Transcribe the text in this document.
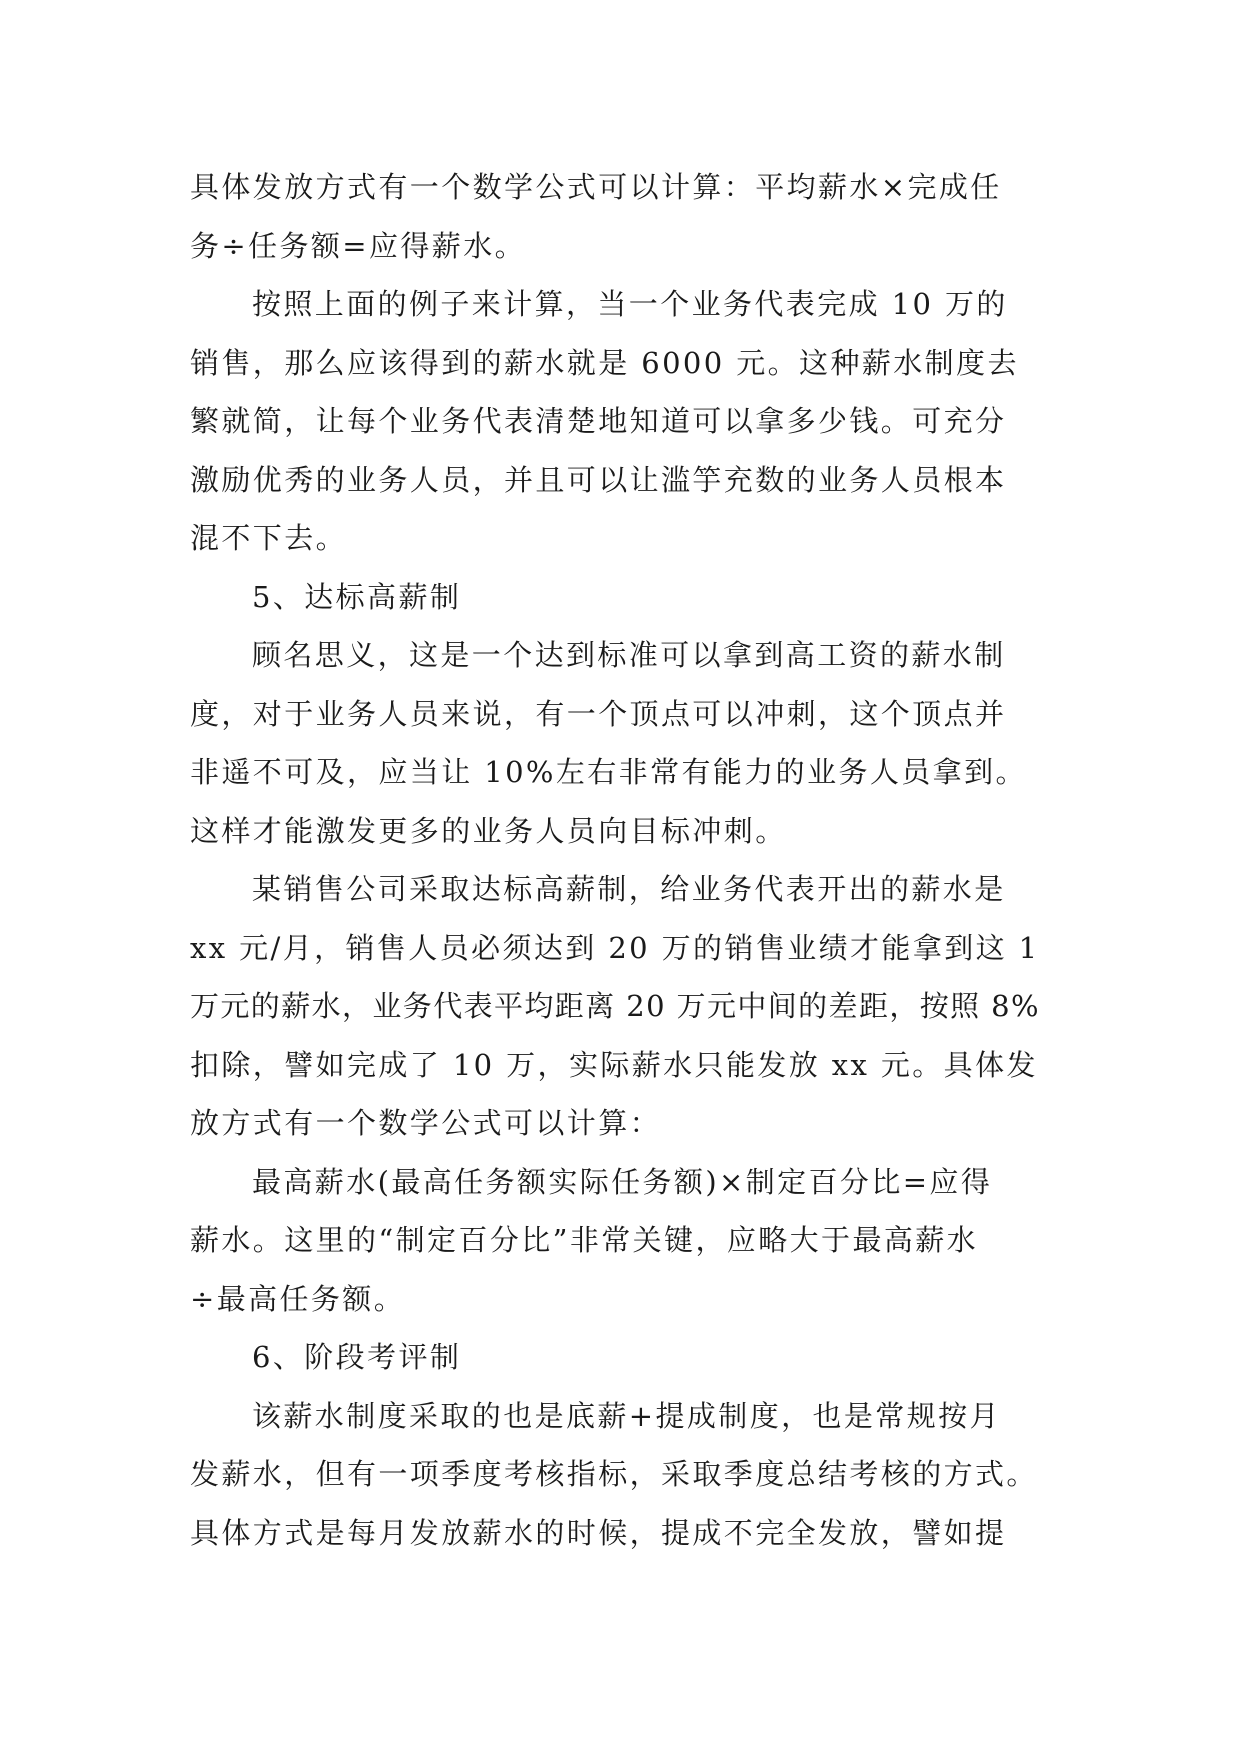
具体发放方式有一个数学公式可以计算：平均薪水×完成任
务÷任务额=应得薪水。
按照上面的例子来计算，当一个业务代表完成 10 万的
销售，那么应该得到的薪水就是 6000 元。这种薪水制度去
繁就简，让每个业务代表清楚地知道可以拿多少钱。可充分
激励优秀的业务人员，并且可以让滥竽充数的业务人员根本
混不下去。
5、达标高薪制
顾名思义，这是一个达到标准可以拿到高工资的薪水制
度，对于业务人员来说，有一个顶点可以冲刺，这个顶点并
非遥不可及，应当让 10%左右非常有能力的业务人员拿到。
这样才能激发更多的业务人员向目标冲刺。
某销售公司采取达标高薪制，给业务代表开出的薪水是
xx 元/月，销售人员必须达到 20 万的销售业绩才能拿到这 1
万元的薪水，业务代表平均距离 20 万元中间的差距，按照 8%
扣除，譬如完成了 10 万，实际薪水只能发放 xx 元。具体发
放方式有一个数学公式可以计算：
最高薪水(最高任务额实际任务额)×制定百分比=应得
薪水。这里的“制定百分比”非常关键，应略大于最高薪水
÷最高任务额。
6、阶段考评制
该薪水制度采取的也是底薪+提成制度，也是常规按月
发薪水，但有一项季度考核指标，采取季度总结考核的方式。
具体方式是每月发放薪水的时候，提成不完全发放，譬如提
